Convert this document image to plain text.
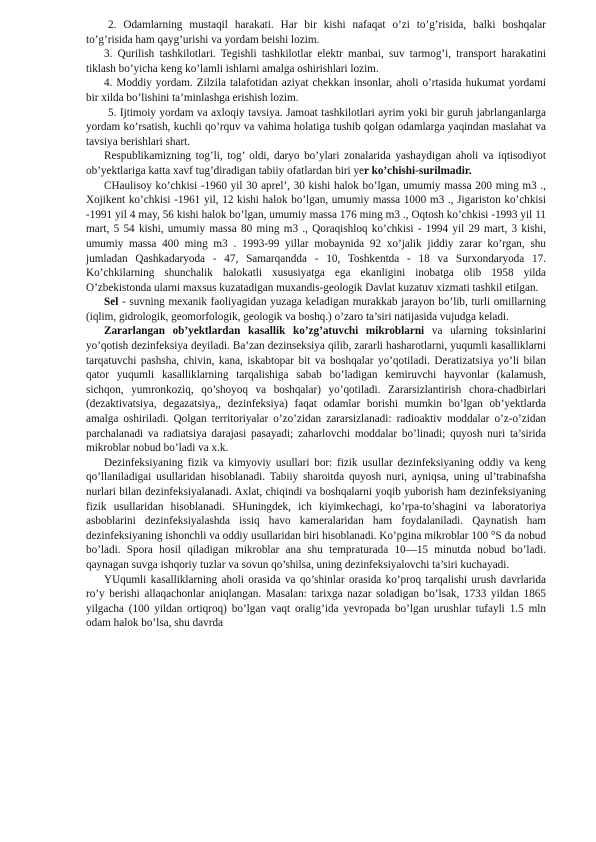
2. Odamlarning mustaqil harakati. Har bir kishi nafaqat o’zi to’g’risida, balki boshqalar to’g’risida ham qayg’urishi va yordam beishi lozim.

3. Qurilish tashkilotlari. Tegishli tashkilotlar elektr manbai, suv tarmog’i, transport harakatini tiklash bo’yicha keng ko’lamli ishlarni amalga oshirishlari lozim.

4. Moddiy yordam. Zilzila talafotidan aziyat chekkan insonlar, aholi o’rtasida hukumat yordami bir xilda bo’lishini ta’minlashga erishish lozim.

5. Ijtimoiy yordam va axloqiy tavsiya. Jamoat tashkilotlari ayrim yoki bir guruh jabrlanganlarga yordam ko’rsatish, kuchli qo’rquv va vahima holatiga tushib qolgan odamlarga yaqindan maslahat va tavsiya berishlari shart.

Respublikamizning tog’li, tog’ oldi, daryo bo’ylari zonalarida yashaydigan aholi va iqtisodiyot ob’yektlariga katta xavf tug’diradigan tabiiy ofatlardan biri yer ko’chishi-surilmadir.

CHaulisoy ko’chkisi -1960 yil 30 aprel’, 30 kishi halok bo’lgan, umumiy massa 200 ming m3 ., Xojikent ko’chkisi -1961 yil, 12 kishi halok bo’lgan, umumiy massa 1000 m3 ., Jigariston ko’chkisi -1991 yil 4 may, 56 kishi halok bo’lgan, umumiy massa 176 ming m3 ., Oqtosh ko’chkisi -1993 yil 11 mart, 5 54 kishi, umumiy massa 80 ming m3 ., Qoraqishloq ko’chkisi - 1994 yil 29 mart, 3 kishi, umumiy massa 400 ming m3 . 1993-99 yillar mobaynida 92 xo’jalik jiddiy zarar ko’rgan, shu jumladan Qashkadaryoda - 47, Samarqandda - 10, Toshkentda - 18 va Surxondaryoda 17. Ko’chkilarning shunchalik halokatli xususiyatga ega ekanligini inobatga olib 1958 yilda O’zbekistonda ularni maxsus kuzatadigan muxandis-geologik Davlat kuzatuv xizmati tashkil etilgan.

Sel - suvning mexanik faoliyagidan yuzaga keladigan murakkab jarayon bo’lib, turli omillarning (iqlim, gidrologik, geomorfologik, geologik va boshq.) o’zaro ta’siri natijasida vujudga keladi.

Zararlangan ob’yektlardan kasallik ko’zg’atuvchi mikroblarni va ularning toksinlarini yo’qotish dezinfeksiya deyiladi. Ba’zan dezinseksiya qilib, zararli hasharotlarni, yuqumli kasalliklarni tarqatuvchi pashsha, chivin, kana, iskabtopar bit va boshqalar yo’qotiladi. Deratizatsiya yo’li bilan qator yuqumli kasalliklarning tarqalishiga sabab bo’ladigan kemiruvchi hayvonlar (kalamush, sichqon, yumronkoziq, qo’shoyoq va boshqalar) yo’qotiladi. Zararsizlantirish chora-chadbirlari (dezaktivatsiya, degazatsiya,, dezinfeksiya) faqat odamlar borishi mumkin bo’lgan ob’yektlarda amalga oshiriladi. Qolgan territoriyalar o’zo’zidan zararsizlanadi: radioaktiv moddalar o’z-o’zidan parchalanadi va radiatsiya darajasi pasayadi; zaharlovchi moddalar bo’linadi; quyosh nuri ta’sirida mikroblar nobud bo’ladi va x.k.

Dezinfeksiyaning fizik va kimyoviy usullari bor: fizik usullar dezinfeksiyaning oddiy va keng qo’llaniladigai usullaridan hisoblanadi. Tabiiy sharoitda quyosh nuri, ayniqsa, uning ul’trabinafsha nurlari bilan dezinfeksiyalanadi. Axlat, chiqindi va boshqalarni yoqib yuborish ham dezinfeksiyaning fizik usullaridan hisoblanadi. SHuningdek, ich kiyimkechagi, ko’rpa-to’shagini va laboratoriya asboblarini dezinfeksiyalashda issiq havo kameralaridan ham foydalaniladi. Qaynatish ham dezinfeksiyaning ishonchli va oddiy usullaridan biri hisoblanadi. Ko’pgina mikroblar 100 °S da nobud bo’ladi. Spora hosil qiladigan mikroblar ana shu tempraturada 10—15 minutda nobud bo’ladi. qaynagan suvga ishqoriy tuzlar va sovun qo’shilsa, uning dezinfeksiyalovchi ta’siri kuchayadi.

YUqumli kasalliklarning aholi orasida va qo’shinlar orasida ko’proq tarqalishi urush davrlarida ro’y berishi allaqachonlar aniqlangan. Masalan: tarixga nazar soladigan bo’lsak, 1733 yildan 1865 yilgacha (100 yildan ortiqroq) bo’lgan vaqt oralig’ida yevropada bo’lgan urushlar tufayli 1.5 mln odam halok bo’lsa, shu davrda
